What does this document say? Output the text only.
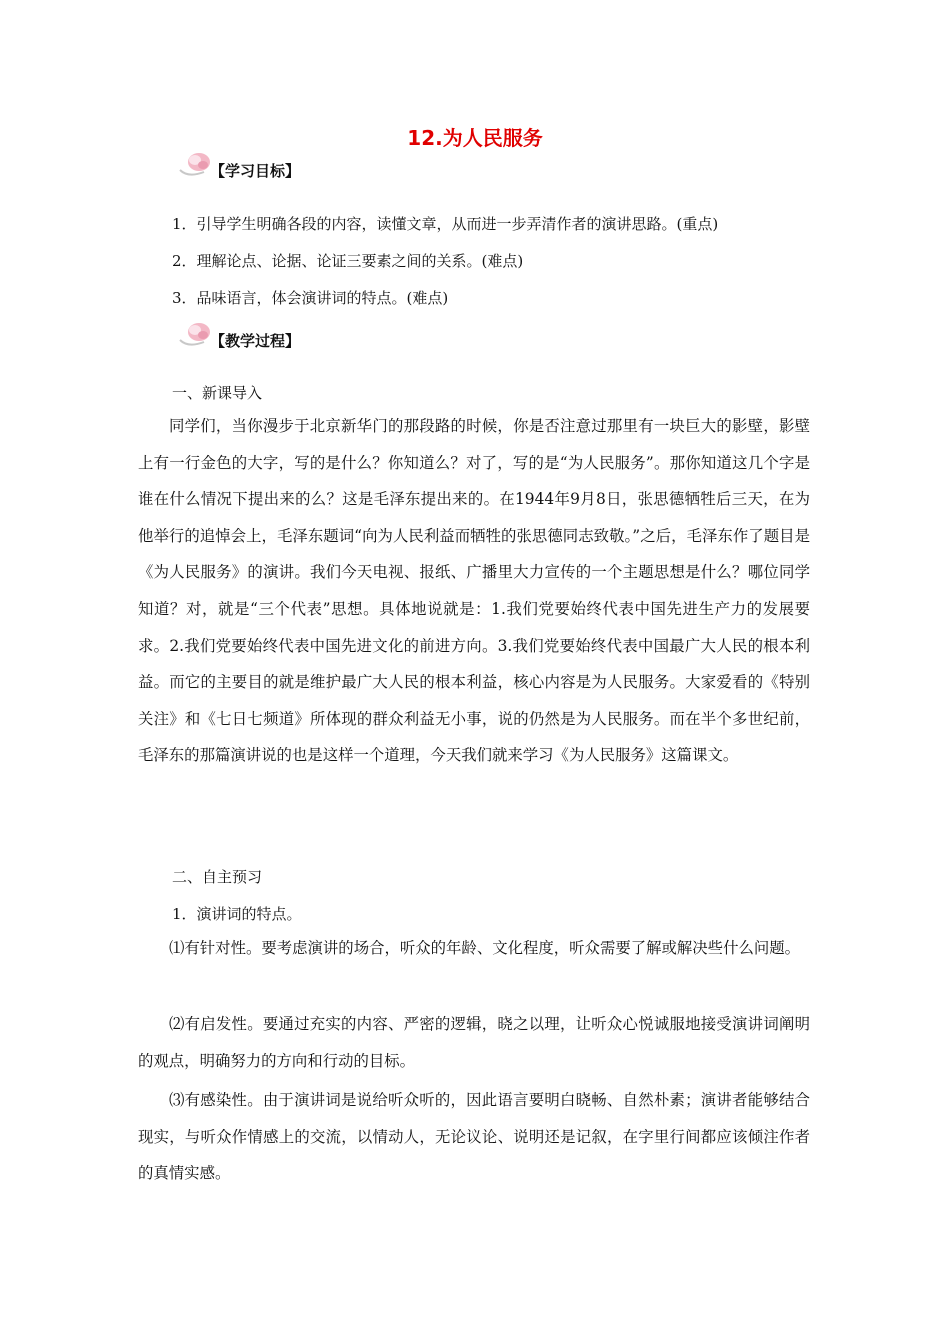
12.为人民服务
【学习目标】
1．引导学生明确各段的内容，读懂文章，从而进一步弄清作者的演讲思路。(重点)
2．理解论点、论据、论证三要素之间的关系。(难点)
3．品味语言，体会演讲词的特点。(难点)
【教学过程】
一、新课导入

同学们，当你漫步于北京新华门的那段路的时候，你是否注意过那里有一块巨大的影壁，影壁上有一行金色的大字，写的是什么？你知道么？对了，写的是“为人民服务”。那你知道这几个字是谁在什么情况下提出来的么？这是毛泽东提出来的。在1944年9月8日，张思德牺牲后三天，在为他举行的追悼会上，毛泽东题词“向为人民利益而牺牲的张思德同志致敬。”之后，毛泽东作了题目是《为人民服务》的演讲。我们今天电视、报纸、广播里大力宣传的一个主题思想是什么？哪位同学知道？对，就是“三个代表”思想。具体地说就是：1.我们党要始终代表中国先进生产力的发展要求。2.我们党要始终代表中国先进文化的前进方向。3.我们党要始终代表中国最广大人民的根本利益。而它的主要目的就是维护最广大人民的根本利益，核心内容是为人民服务。大家爱看的《特别关注》和《七日七频道》所体现的群众利益无小事，说的仍然是为人民服务。而在半个多世纪前，毛泽东的那篇演讲说的也是这样一个道理，今天我们就来学习《为人民服务》这篇课文。

二、自主预习
1．演讲词的特点。

⑴有针对性。要考虑演讲的场合，听众的年龄、文化程度，听众需要了解或解决些什么问题。

⑵有启发性。要通过充实的内容、严密的逻辑，晓之以理，让听众心悦诚服地接受演讲词阐明的观点，明确努力的方向和行动的目标。

⑶有感染性。由于演讲词是说给听众听的，因此语言要明白晓畅、自然朴素；演讲者能够结合现实，与听众作情感上的交流，以情动人，无论议论、说明还是记叙，在字里行间都应该倾注作者的真情实感。
